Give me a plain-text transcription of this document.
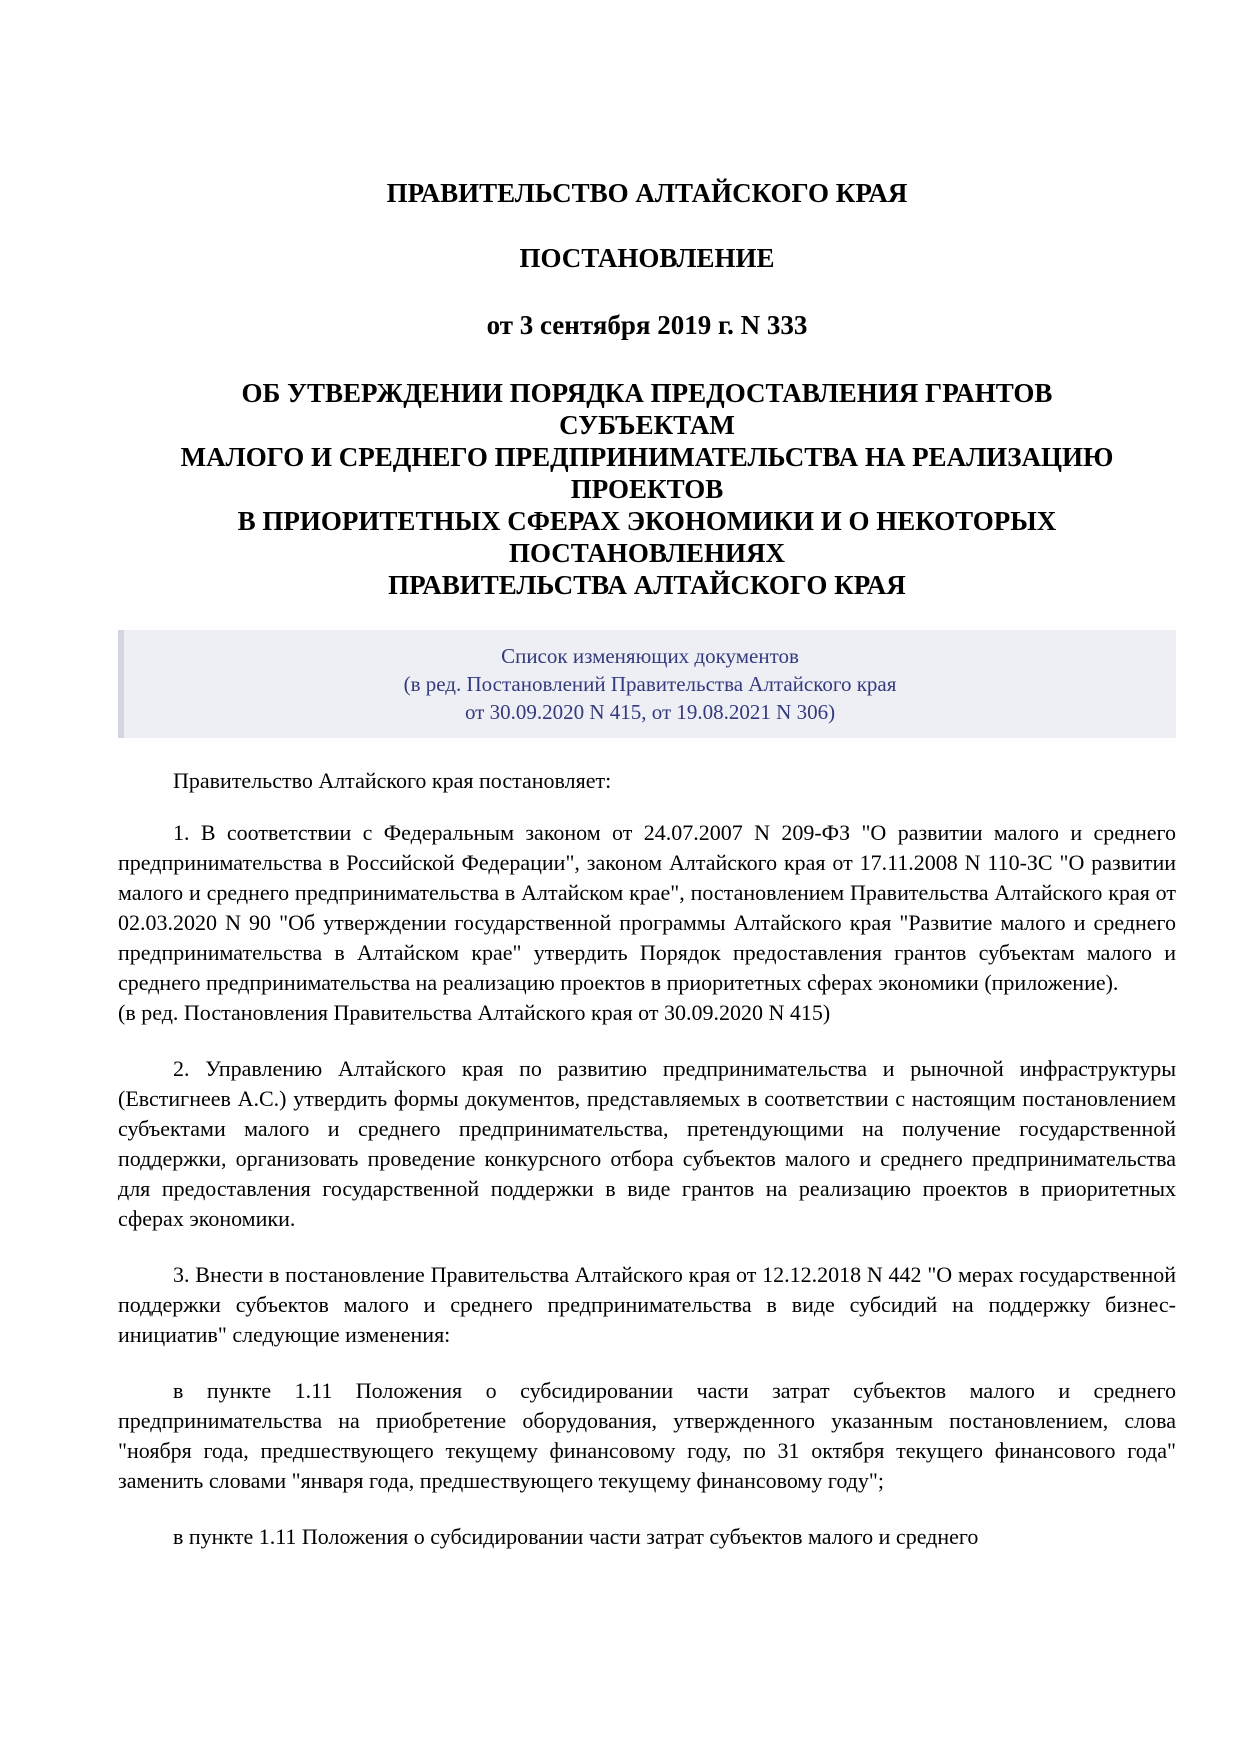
ПРАВИТЕЛЬСТВО АЛТАЙСКОГО КРАЯ

ПОСТАНОВЛЕНИЕ

от 3 сентября 2019 г. N 333

ОБ УТВЕРЖДЕНИИ ПОРЯДКА ПРЕДОСТАВЛЕНИЯ ГРАНТОВ
СУБЪЕКТАМ
МАЛОГО И СРЕДНЕГО ПРЕДПРИНИМАТЕЛЬСТВА НА РЕАЛИЗАЦИЮ
ПРОЕКТОВ
В ПРИОРИТЕТНЫХ СФЕРАХ ЭКОНОМИКИ И О НЕКОТОРЫХ
ПОСТАНОВЛЕНИЯХ
ПРАВИТЕЛЬСТВА АЛТАЙСКОГО КРАЯ
Список изменяющих документов
(в ред. Постановлений Правительства Алтайского края
от 30.09.2020 N 415, от 19.08.2021 N 306)

Правительство Алтайского края постановляет:

1. В соответствии с Федеральным законом от 24.07.2007 N 209-ФЗ "О развитии малого и среднего предпринимательства в Российской Федерации", законом Алтайского края от 17.11.2008 N 110-ЗС "О развитии малого и среднего предпринимательства в Алтайском крае", постановлением Правительства Алтайского края от 02.03.2020 N 90 "Об утверждении государственной программы Алтайского края "Развитие малого и среднего предпринимательства в Алтайском крае" утвердить Порядок предоставления грантов субъектам малого и среднего предпринимательства на реализацию проектов в приоритетных сферах экономики (приложение).

(в ред. Постановления Правительства Алтайского края от 30.09.2020 N 415)

2. Управлению Алтайского края по развитию предпринимательства и рыночной инфраструктуры (Евстигнеев А.С.) утвердить формы документов, представляемых в соответствии с настоящим постановлением субъектами малого и среднего предпринимательства, претендующими на получение государственной поддержки, организовать проведение конкурсного отбора субъектов малого и среднего предпринимательства для предоставления государственной поддержки в виде грантов на реализацию проектов в приоритетных сферах экономики.

3. Внести в постановление Правительства Алтайского края от 12.12.2018 N 442 "О мерах государственной поддержки субъектов малого и среднего предпринимательства в виде субсидий на поддержку бизнес-инициатив" следующие изменения:

в пункте 1.11 Положения о субсидировании части затрат субъектов малого и среднего предпринимательства на приобретение оборудования, утвержденного указанным постановлением, слова "ноября года, предшествующего текущему финансовому году, по 31 октября текущего финансового года" заменить словами "января года, предшествующего текущему финансовому году";

в пункте 1.11 Положения о субсидировании части затрат субъектов малого и среднего
